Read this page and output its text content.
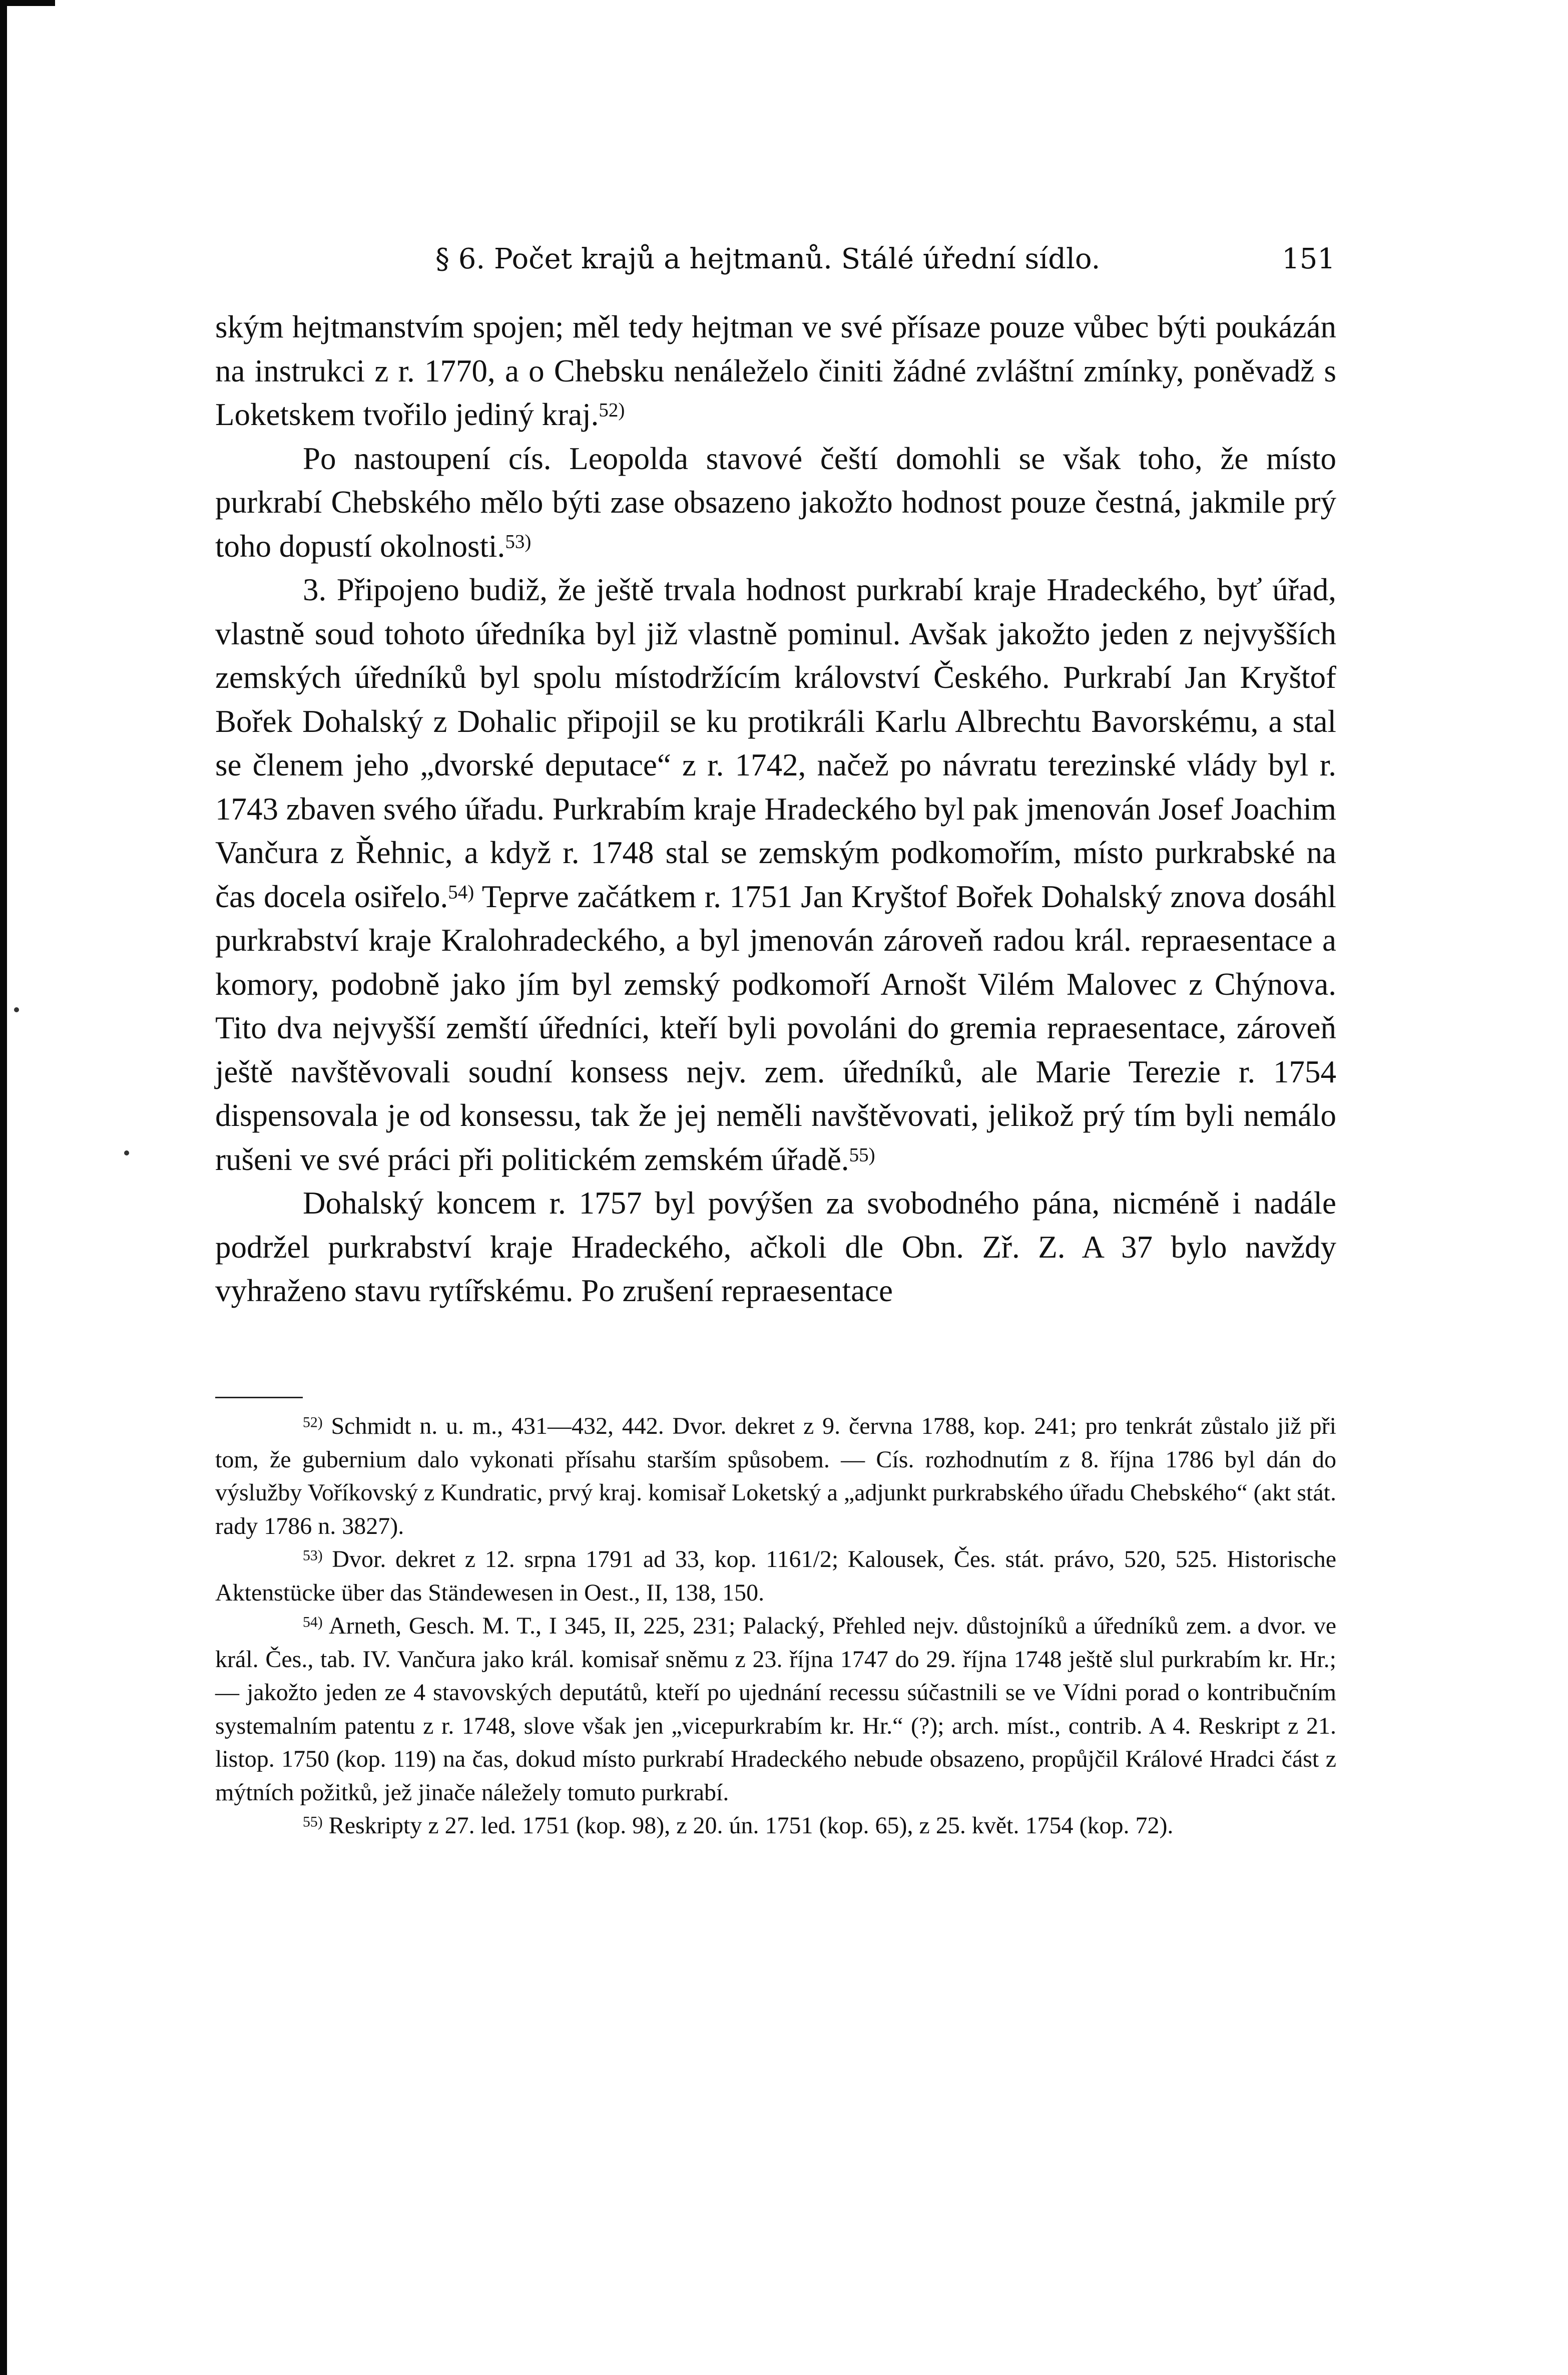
§ 6. Počet krajů a hejtmanů. Stálé úřední sídlo.	151

ským hejtmanstvím spojen; měl tedy hejtman ve své přísaze pouze vůbec býti poukázán na instrukci z r. 1770, a o Chebsku nenáleželo činiti žádné zvláštní zmínky, poněvadž s Loketskem tvořilo jediný kraj.$^{52)}$

Po nastoupení cís. Leopolda stavové čeští domohli se však toho, že místo purkrabí Chebského mělo býti zase obsazeno jakožto hodnost pouze čestná, jakmile prý toho dopustí okolnosti.$^{53)}$

3. Připojeno budiž, že ještě trvala hodnost purkrabí kraje Hradeckého, byť úřad, vlastně soud tohoto úředníka byl již vlastně pominul. Avšak jakožto jeden z nejvyšších zemských úředníků byl spolu místodržícím království Českého. Purkrabí Jan Kryštof Bořek Dohalský z Dohalic připojil se ku protikráli Karlu Albrechtu Bavorskému, a stal se členem jeho „dvorské deputace“ z r. 1742, načež po návratu terezinské vlády byl r. 1743 zbaven svého úřadu. Purkrabím kraje Hradeckého byl pak jmenován Josef Joachim Vančura z Řehnic, a když r. 1748 stal se zemským podkomořím, místo purkrabské na čas docela osiřelo.$^{54)}$ Teprve začátkem r. 1751 Jan Kryštof Bořek Dohalský znova dosáhl purkrabství kraje Kralohradeckého, a byl jmenován zároveň radou král. repraesentace a komory, podobně jako jím byl zemský podkomoří Arnošt Vilém Malovec z Chýnova. Tito dva nejvyšší zemští úředníci, kteří byli povoláni do gremia repraesentace, zároveň ještě navštěvovali soudní konsess nejv. zem. úředníků, ale Marie Terezie r. 1754 dispensovala je od konsessu, tak že jej neměli navštěvovati, jelikož prý tím byli nemálo rušeni ve své práci při politickém zemském úřadě.$^{55)}$

Dohalský koncem r. 1757 byl povýšen za svobodného pána, nicméně i nadále podržel purkrabství kraje Hradeckého, ačkoli dle Obn. Zř. Z. A 37 bylo navždy vyhraženo stavu rytířskému. Po zrušení repraesentace

$^{52)}$ Schmidt n. u. m., 431—432, 442. Dvor. dekret z 9. června 1788, kop. 241; pro tenkrát zůstalo již při tom, že gubernium dalo vykonati přísahu starším spůsobem. — Cís. rozhodnutím z 8. října 1786 byl dán do výslužby Voříkovský z Kundratic, prvý kraj. komisař Loketský a „adjunkt purkrabského úřadu Chebského“ (akt stát. rady 1786 n. 3827).

$^{53)}$ Dvor. dekret z 12. srpna 1791 ad 33, kop. 1161/2; Kalousek, Čes. stát. právo, 520, 525. Historische Aktenstücke über das Ständewesen in Oest., II, 138, 150.

$^{54)}$ Arneth, Gesch. M. T., I 345, II, 225, 231; Palacký, Přehled nejv. důstojníků a úředníků zem. a dvor. ve král. Čes., tab. IV. Vančura jako král. komisař sněmu z 23. října 1747 do 29. října 1748 ještě slul purkrabím kr. Hr.; — jakožto jeden ze 4 stavovských deputátů, kteří po ujednání recessu súčastnili se ve Vídni porad o kontribučním systemalním patentu z r. 1748, slove však jen „viceрurkrabím kr. Hr.“ (?); arch. míst., contrib. A 4. Reskript z 21. listop. 1750 (kop. 119) na čas, dokud místo purkrabí Hradeckého nebude obsazeno, propůjčil Králové Hradci část z mýtních požitků, jež jinače náležely tomuto purkrabí.

$^{55)}$ Reskripty z 27. led. 1751 (kop. 98), z 20. ún. 1751 (kop. 65), z 25. květ. 1754 (kop. 72).
